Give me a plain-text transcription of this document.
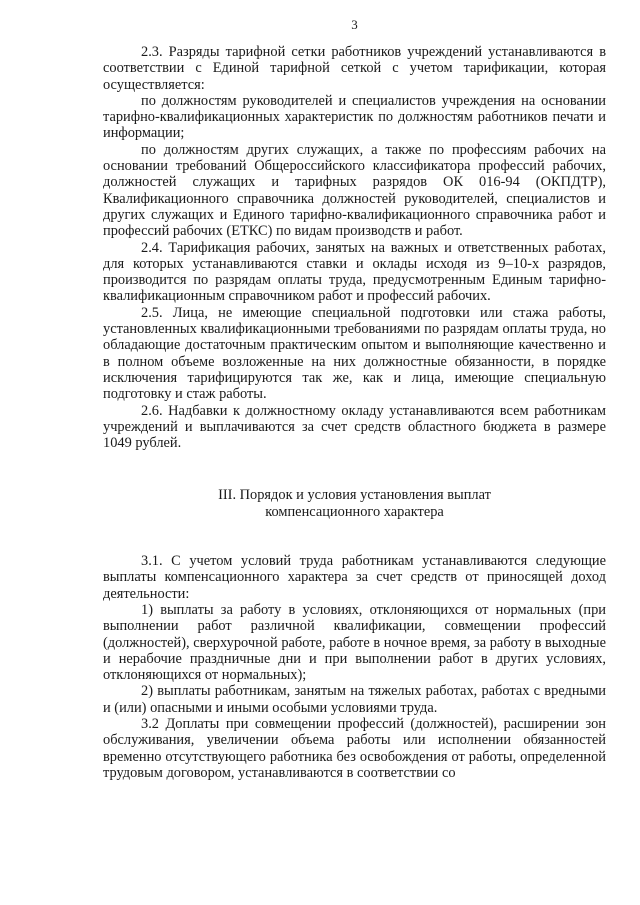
3

2.3. Разряды тарифной сетки работников учреждений устанавливаются в соответствии с Единой тарифной сеткой с учетом тарификации, которая осуществляется:

по должностям руководителей и специалистов учреждения на основании тарифно-квалификационных характеристик по должностям работников печати и информации;

по должностям других служащих, а также по профессиям рабочих на основании требований Общероссийского классификатора профессий рабочих, должностей служащих и тарифных разрядов ОК 016-94 (ОКПДТР), Квалификационного справочника должностей руководителей, специалистов и других служащих и Единого тарифно-квалификационного справочника работ и профессий рабочих (ЕТКС) по видам производств и работ.

2.4. Тарификация рабочих, занятых на важных и ответственных работах, для которых устанавливаются ставки и оклады исходя из 9–10-х разрядов, производится по разрядам оплаты труда, предусмотренным Единым тарифно-квалификационным справочником работ и профессий рабочих.

2.5. Лица, не имеющие специальной подготовки или стажа работы, установленных квалификационными требованиями по разрядам оплаты труда, но обладающие достаточным практическим опытом и выполняющие качественно и в полном объеме возложенные на них должностные обязанности, в порядке исключения тарифицируются так же, как и лица, имеющие специальную подготовку и стаж работы.

2.6. Надбавки к должностному окладу устанавливаются всем работникам учреждений и выплачиваются за счет средств областного бюджета в размере 1049 рублей.

III. Порядок и условия установления выплат
компенсационного характера

3.1. С учетом условий труда работникам устанавливаются следующие выплаты компенсационного характера за счет средств от приносящей доход деятельности:

1) выплаты за работу в условиях, отклоняющихся от нормальных (при выполнении работ различной квалификации, совмещении профессий (должностей), сверхурочной работе, работе в ночное время, за работу в выходные и нерабочие праздничные дни и при выполнении работ в других условиях, отклоняющихся от нормальных);

2) выплаты работникам, занятым на тяжелых работах, работах с вредными и (или) опасными и иными особыми условиями труда.

3.2 Доплаты при совмещении профессий (должностей), расширении зон обслуживания, увеличении объема работы или исполнении обязанностей временно отсутствующего работника без освобождения от работы, определенной трудовым договором, устанавливаются в соответствии со
